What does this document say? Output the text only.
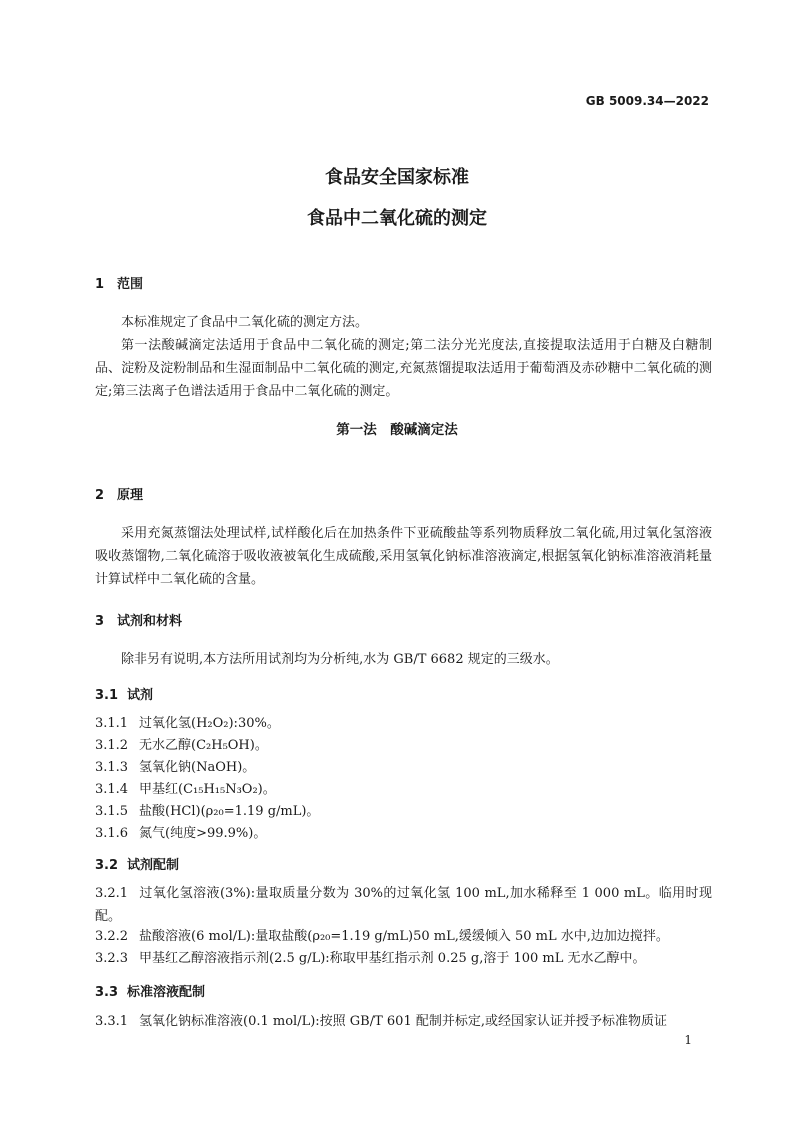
GB 5009.34—2022
食品安全国家标准
食品中二氧化硫的测定
1 范围
本标准规定了食品中二氧化硫的测定方法。
第一法酸碱滴定法适用于食品中二氧化硫的测定;第二法分光光度法,直接提取法适用于白糖及白糖制品、淀粉及淀粉制品和生湿面制品中二氧化硫的测定,充氮蒸馏提取法适用于葡萄酒及赤砂糖中二氧化硫的测定;第三法离子色谱法适用于食品中二氧化硫的测定。
第一法　酸碱滴定法
2 原理
采用充氮蒸馏法处理试样,试样酸化后在加热条件下亚硫酸盐等系列物质释放二氧化硫,用过氧化氢溶液吸收蒸馏物,二氧化硫溶于吸收液被氧化生成硫酸,采用氢氧化钠标准溶液滴定,根据氢氧化钠标准溶液消耗量计算试样中二氧化硫的含量。
3 试剂和材料
除非另有说明,本方法所用试剂均为分析纯,水为 GB/T 6682 规定的三级水。
3.1 试剂
3.1.1 过氧化氢(H₂O₂):30%。
3.1.2 无水乙醇(C₂H₅OH)。
3.1.3 氢氧化钠(NaOH)。
3.1.4 甲基红(C₁₅H₁₅N₃O₂)。
3.1.5 盐酸(HCl)(ρ₂₀=1.19 g/mL)。
3.1.6 氮气(纯度>99.9%)。
3.2 试剂配制
3.2.1 过氧化氢溶液(3%):量取质量分数为 30%的过氧化氢 100 mL,加水稀释至 1 000 mL。临用时现配。
3.2.2 盐酸溶液(6 mol/L):量取盐酸(ρ₂₀=1.19 g/mL)50 mL,缓缓倾入 50 mL 水中,边加边搅拌。
3.2.3 甲基红乙醇溶液指示剂(2.5 g/L):称取甲基红指示剂 0.25 g,溶于 100 mL 无水乙醇中。
3.3 标准溶液配制
3.3.1 氢氧化钠标准溶液(0.1 mol/L):按照 GB/T 601 配制并标定,或经国家认证并授予标准物质证
1
